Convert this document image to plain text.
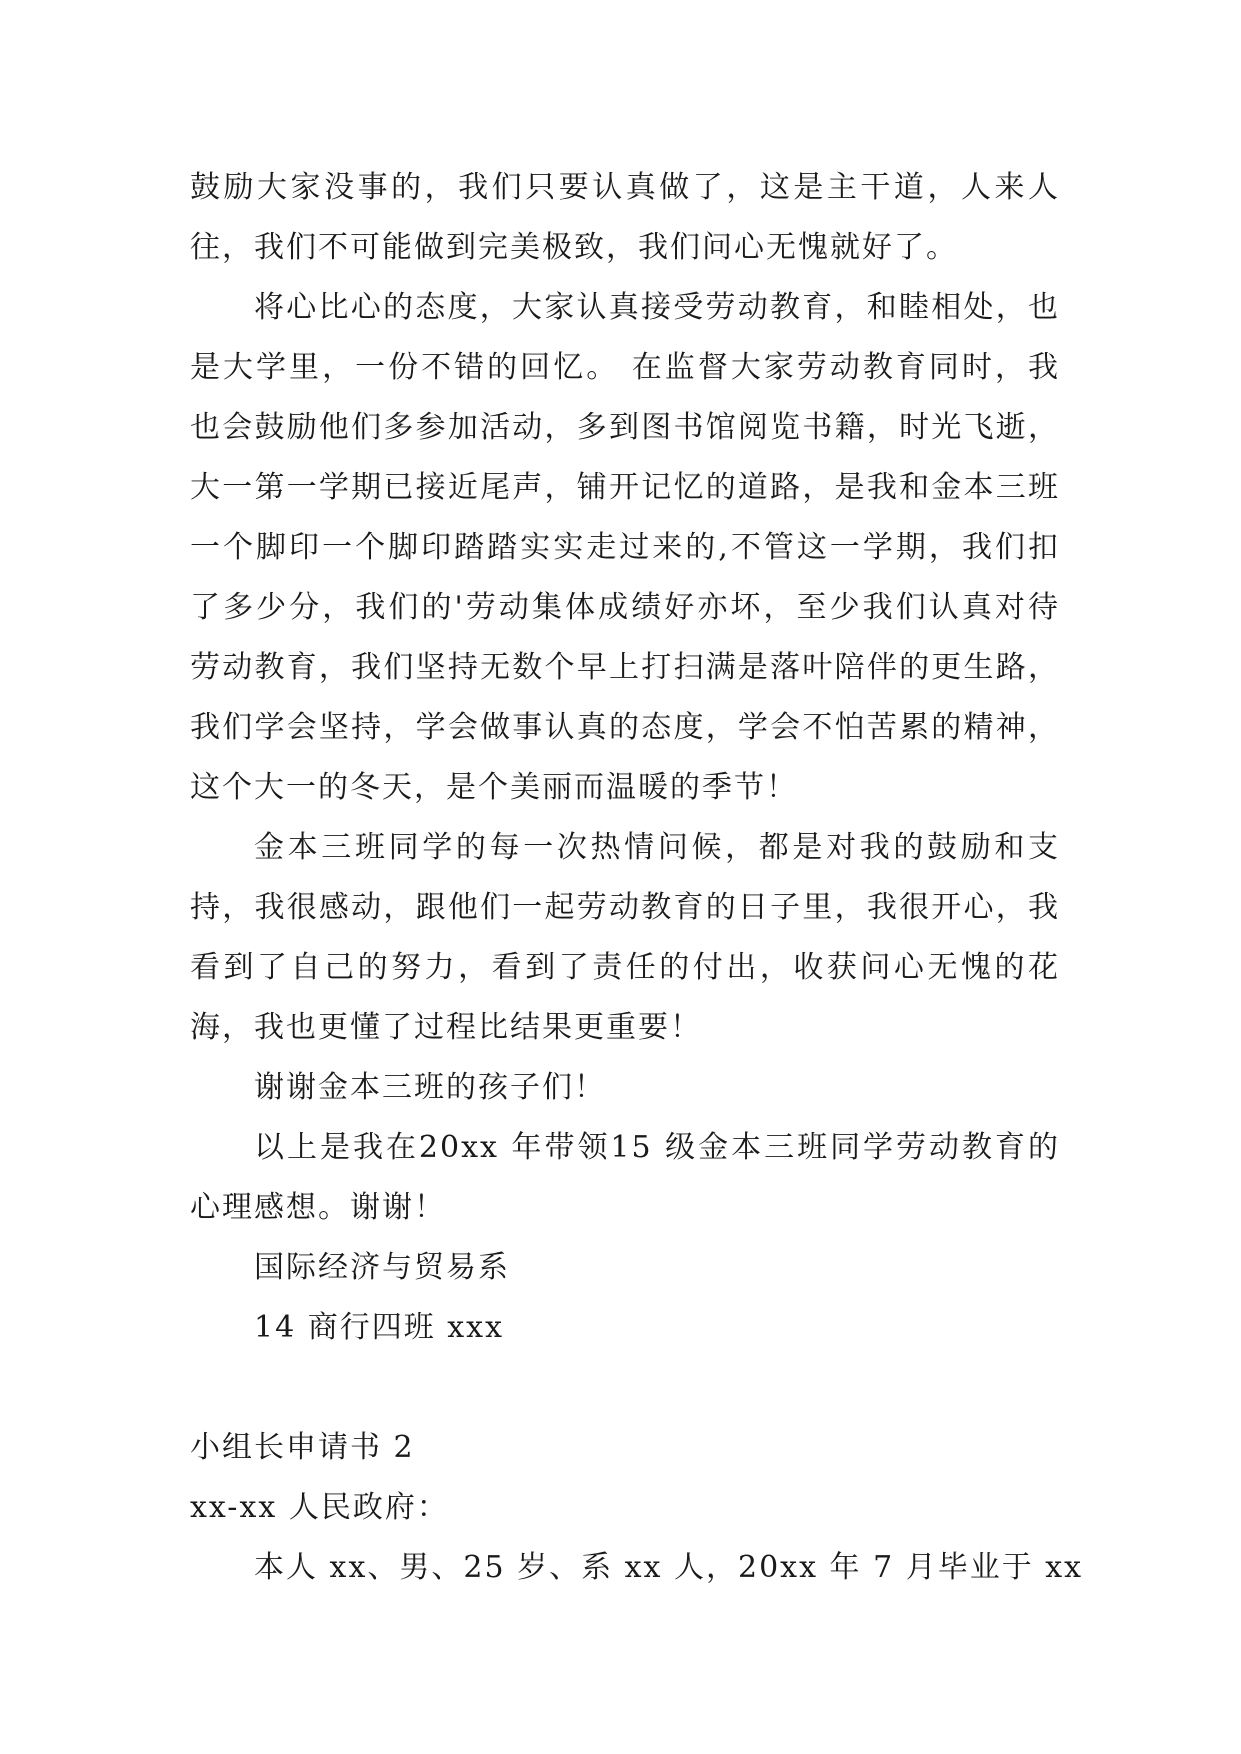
鼓励大家没事的，我们只要认真做了，这是主干道，人来人往，我们不可能做到完美极致，我们问心无愧就好了。

将心比心的态度，大家认真接受劳动教育，和睦相处，也是大学里，一份不错的回忆。 在监督大家劳动教育同时，我也会鼓励他们多参加活动，多到图书馆阅览书籍，时光飞逝，大一第一学期已接近尾声，铺开记忆的道路，是我和金本三班一个脚印一个脚印踏踏实实走过来的,不管这一学期，我们扣了多少分，我们的'劳动集体成绩好亦坏，至少我们认真对待劳动教育，我们坚持无数个早上打扫满是落叶陪伴的更生路，我们学会坚持，学会做事认真的态度，学会不怕苦累的精神，这个大一的冬天，是个美丽而温暖的季节！

金本三班同学的每一次热情问候，都是对我的鼓励和支持，我很感动，跟他们一起劳动教育的日子里，我很开心，我看到了自己的努力，看到了责任的付出，收获问心无愧的花海，我也更懂了过程比结果更重要！

谢谢金本三班的孩子们！

以上是我在20xx 年带领15 级金本三班同学劳动教育的心理感想。谢谢！

国际经济与贸易系

14 商行四班 xxx

小组长申请书 2

xx-xx 人民政府：

本人 xx、男、25 岁、系 xx 人，20xx 年 7 月毕业于 xx
